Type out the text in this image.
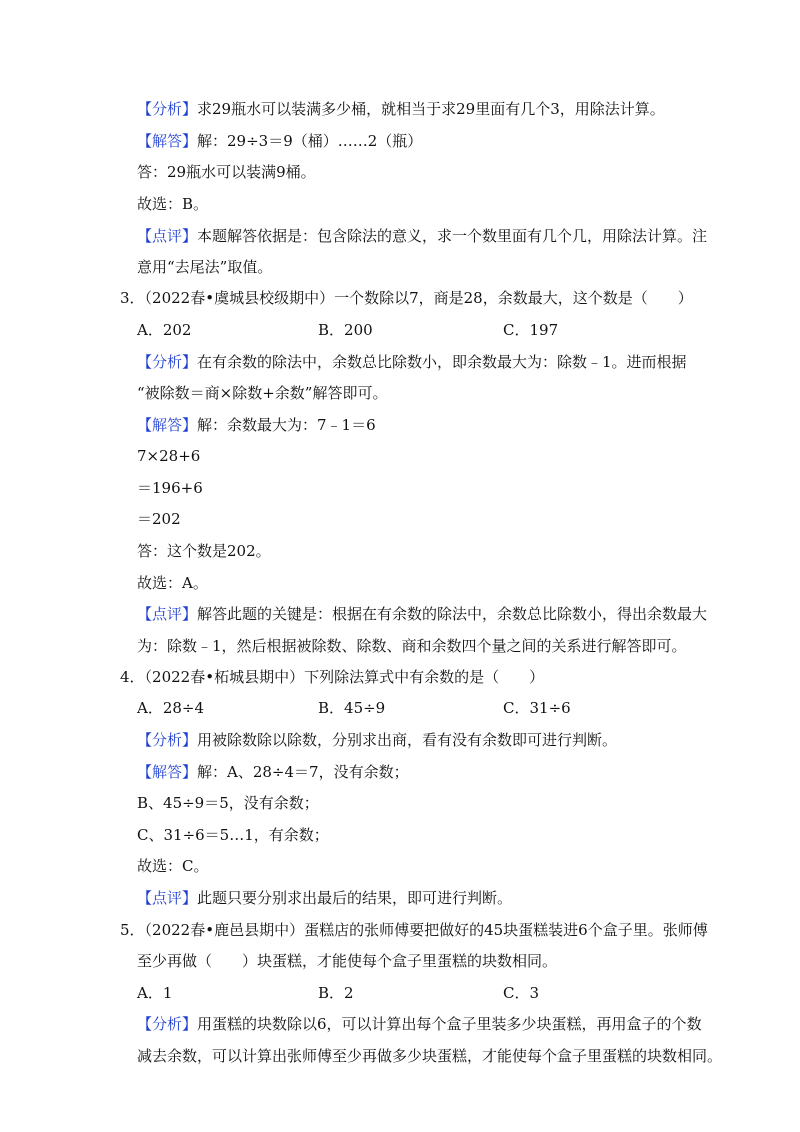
【分析】求29瓶水可以装满多少桶，就相当于求29里面有几个3，用除法计算。
【解答】解：29÷3＝9（桶）……2（瓶）
答：29瓶水可以装满9桶。
故选：B。
【点评】本题解答依据是：包含除法的意义，求一个数里面有几个几，用除法计算。注
意用“去尾法”取值。
3．（2022春•虞城县校级期中）一个数除以7，商是28，余数最大，这个数是（　　）
A．202	B．200	C．197
【分析】在有余数的除法中，余数总比除数小，即余数最大为：除数﹣1。进而根据
“被除数＝商×除数+余数”解答即可。
【解答】解：余数最大为：7﹣1＝6
7×28+6
＝196+6
＝202
答：这个数是202。
故选：A。
【点评】解答此题的关键是：根据在有余数的除法中，余数总比除数小，得出余数最大
为：除数﹣1，然后根据被除数、除数、商和余数四个量之间的关系进行解答即可。
4．（2022春•柘城县期中）下列除法算式中有余数的是（　　）
A．28÷4	B．45÷9	C．31÷6
【分析】用被除数除以除数，分别求出商，看有没有余数即可进行判断。
【解答】解：A、28÷4＝7，没有余数；
B、45÷9＝5，没有余数；
C、31÷6＝5…1，有余数；
故选：C。
【点评】此题只要分别求出最后的结果，即可进行判断。
5．（2022春•鹿邑县期中）蛋糕店的张师傅要把做好的45块蛋糕装进6个盒子里。张师傅
至少再做（　　）块蛋糕，才能使每个盒子里蛋糕的块数相同。
A．1	B．2	C．3
【分析】用蛋糕的块数除以6，可以计算出每个盒子里装多少块蛋糕，再用盒子的个数
减去余数，可以计算出张师傅至少再做多少块蛋糕，才能使每个盒子里蛋糕的块数相同。
